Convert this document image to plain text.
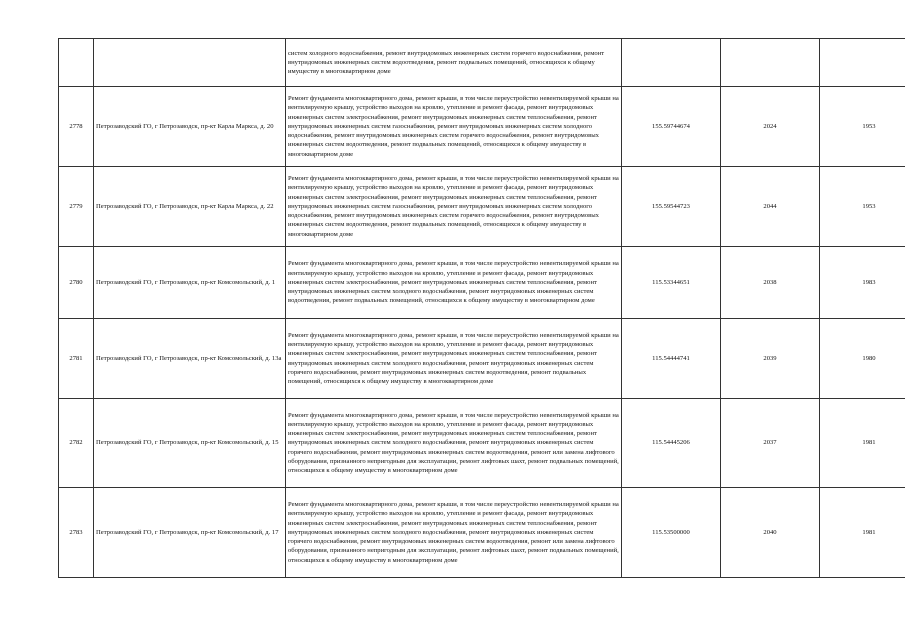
		систем холодного водоснабжения, ремонт внутридомовых инженерных систем горячего водоснабжения, ремонт внутридомовых инженерных систем водоотведения, ремонт подвальных помещений, относящихся к общему имуществу в многоквартирном доме			
2778	Петрозаводский ГО, г Петрозаводск, пр-кт Карла Маркса, д. 20	Ремонт фундамента многоквартирного дома, ремонт крыши, в том числе переустройство невентилируемой крыши на вентилируемую крышу, устройство выходов на кровлю, утепление и ремонт фасада, ремонт внутридомовых инженерных систем электроснабжения, ремонт внутридомовых инженерных систем теплоснабжения, ремонт внутридомовых инженерных систем газоснабжения, ремонт внутридомовых инженерных систем холодного водоснабжения, ремонт внутридомовых инженерных систем горячего водоснабжения, ремонт внутридомовых инженерных систем водоотведения, ремонт подвальных помещений, относящихся к общему имуществу в многоквартирном доме	155.59744674	2024	1953
2779	Петрозаводский ГО, г Петрозаводск, пр-кт Карла Маркса, д. 22	Ремонт фундамента многоквартирного дома, ремонт крыши, в том числе переустройство невентилируемой крыши на вентилируемую крышу, устройство выходов на кровлю, утепление и ремонт фасада, ремонт внутридомовых инженерных систем электроснабжения, ремонт внутридомовых инженерных систем теплоснабжения, ремонт внутридомовых инженерных систем газоснабжения, ремонт внутридомовых инженерных систем холодного водоснабжения, ремонт внутридомовых инженерных систем горячего водоснабжения, ремонт внутридомовых инженерных систем водоотведения, ремонт подвальных помещений, относящихся к общему имуществу в многоквартирном доме	155.59544723	2044	1953
2780	Петрозаводский ГО, г Петрозаводск, пр-кт Комсомольский, д. 1	Ремонт фундамента многоквартирного дома, ремонт крыши, в том числе переустройство невентилируемой крыши на вентилируемую крышу, устройство выходов на кровлю, утепление и ремонт фасада, ремонт внутридомовых инженерных систем электроснабжения, ремонт внутридомовых инженерных систем теплоснабжения, ремонт внутридомовых инженерных систем холодного водоснабжения, ремонт внутридомовых инженерных систем водоотведения, ремонт подвальных помещений, относящихся к общему имуществу в многоквартирном доме	115.53344651	2038	1983
2781	Петрозаводский ГО, г Петрозаводск, пр-кт Комсомольский, д. 13а	Ремонт фундамента многоквартирного дома, ремонт крыши, в том числе переустройство невентилируемой крыши на вентилируемую крышу, устройство выходов на кровлю, утепление и ремонт фасада, ремонт внутридомовых инженерных систем электроснабжения, ремонт внутридомовых инженерных систем теплоснабжения, ремонт внутридомовых инженерных систем холодного водоснабжения, ремонт внутридомовых инженерных систем горячего водоснабжения, ремонт внутридомовых инженерных систем водоотведения, ремонт подвальных помещений, относящихся к общему имуществу в многоквартирном доме	115.54444741	2039	1980
2782	Петрозаводский ГО, г Петрозаводск, пр-кт Комсомольский, д. 15	Ремонт фундамента многоквартирного дома, ремонт крыши, в том числе переустройство невентилируемой крыши на вентилируемую крышу, устройство выходов на кровлю, утепление и ремонт фасада, ремонт внутридомовых инженерных систем электроснабжения, ремонт внутридомовых инженерных систем теплоснабжения, ремонт внутридомовых инженерных систем холодного водоснабжения, ремонт внутридомовых инженерных систем горячего водоснабжения, ремонт внутридомовых инженерных систем водоотведения, ремонт или замена лифтового оборудования, признанного непригодным для эксплуатации, ремонт лифтовых шахт, ремонт подвальных помещений, относящихся к общему имуществу в многоквартирном доме	115.54445206	2037	1981
2783	Петрозаводский ГО, г Петрозаводск, пр-кт Комсомольский, д. 17	Ремонт фундамента многоквартирного дома, ремонт крыши, в том числе переустройство невентилируемой крыши на вентилируемую крышу, устройство выходов на кровлю, утепление и ремонт фасада, ремонт внутридомовых инженерных систем электроснабжения, ремонт внутридомовых инженерных систем теплоснабжения, ремонт внутридомовых инженерных систем холодного водоснабжения, ремонт внутридомовых инженерных систем горячего водоснабжения, ремонт внутридомовых инженерных систем водоотведения, ремонт или замена лифтового оборудования, признанного непригодным для эксплуатации, ремонт лифтовых шахт, ремонт подвальных помещений, относящихся к общему имуществу в многоквартирном доме	115.53500000	2040	1981
